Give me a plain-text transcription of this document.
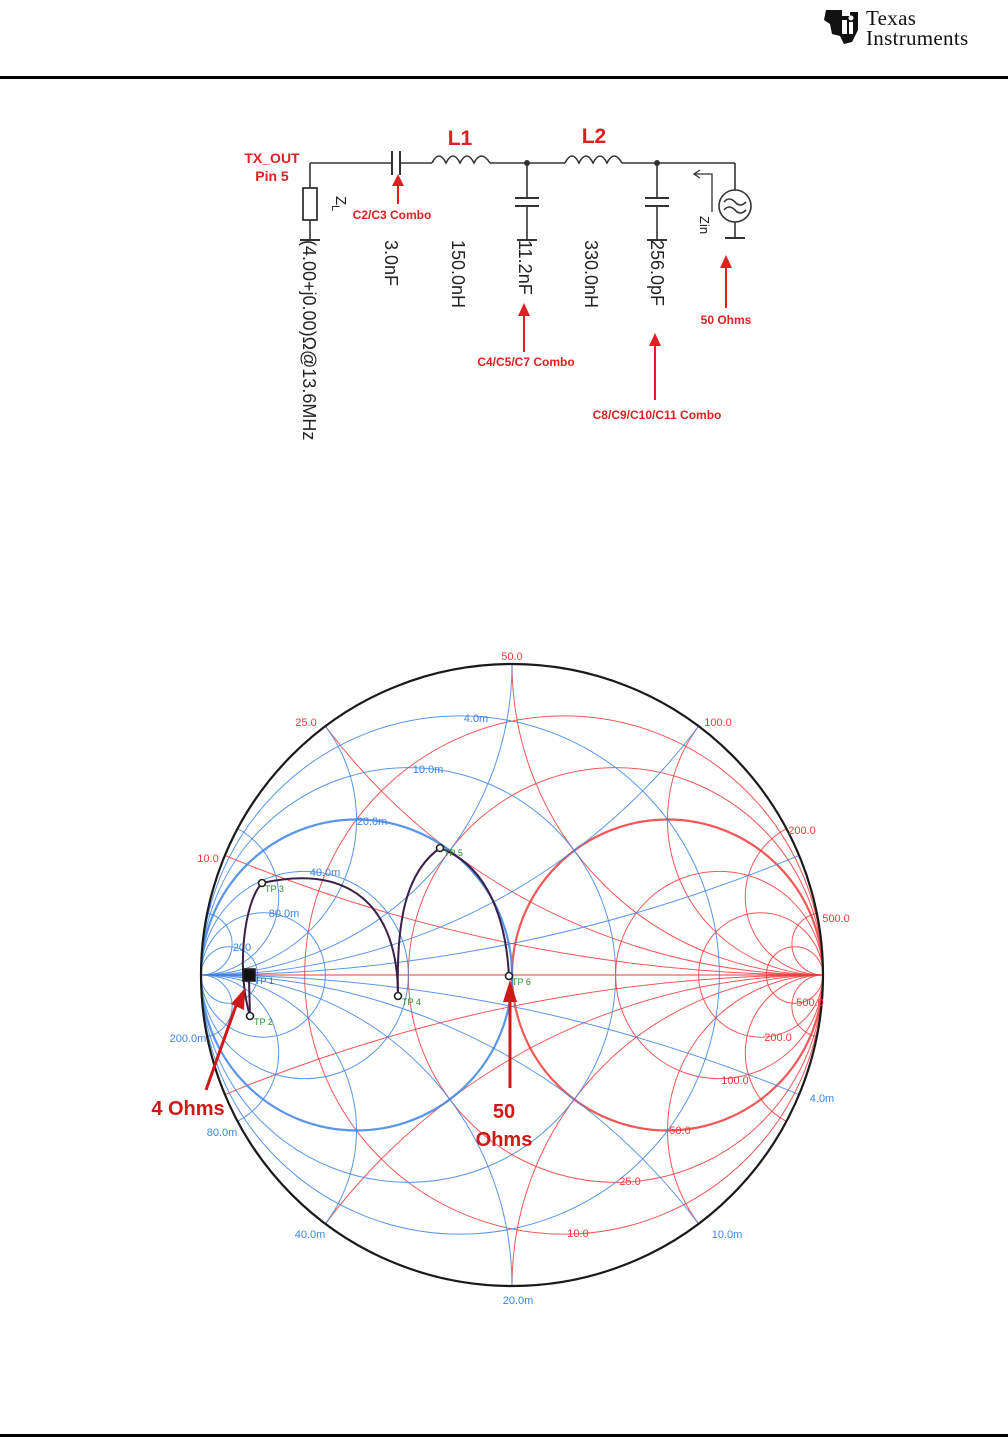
Texas
Instruments
TX_OUT
Pin 5
L1	L2
$Z_L$
(4.00+j0.00)Ω@13.6MHz	3.0nF	150.0nH	11.2nF	330.0nH	256.0pF
Zin
C2/C3 Combo
C4/C5/C7 Combo
C8/C9/C10/C11 Combo
50 Ohms
50.0
25.0	100.0
200.0
10.0
500.0
500.0
200.0
100.0
50.0
25.0
10.0
4.0m
10.0m
20.0m
40.0m
80.0m
200
200.0m
80.0m
40.0m
20.0m
10.0m
4.0m
TP 1
TP 2
TP 3
TP 4
TP 5
TP 6
4 Ohms	50
Ohms
